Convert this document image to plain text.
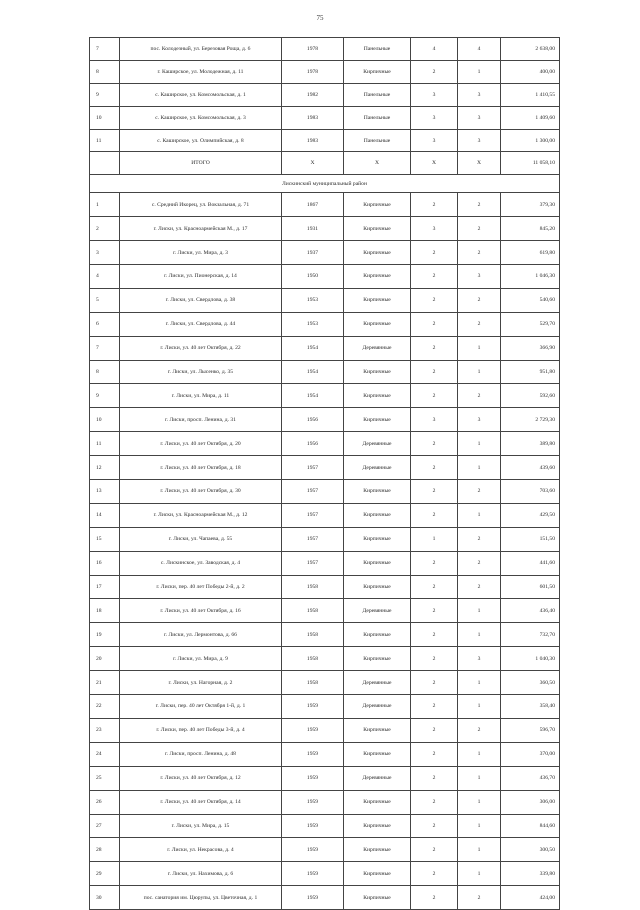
75
7	пос. Колодезный, ул. Березовая Роща, д. 6	1978	Панельные	4	4	2 638,00
8	г. Каширское, ул. Молодежная, д. 11	1978	Кирпичные	2	1	400,00
9	с. Каширское, ул. Комсомольская, д. 1	1982	Панельные	3	3	1 410,55
10	с. Каширское, ул. Комсомольская, д. 3	1983	Панельные	3	3	1 409,60
11	с. Каширское, ул. Олимпийская, д. 8	1983	Панельные	3	3	1 300,00
	ИТОГО	X	X	X	X	11 058,10
Лискинский муниципальный район						
1	с. Средний Икорец, ул. Вокзальная, д. 71	1867	Кирпичные	2	2	379,30
2	г. Лиски, ул. Красноармейская М., д. 17	1931	Кирпичные	3	2	845,20
3	г. Лиски, ул. Мира, д. 3	1937	Кирпичные	2	2	619,80
4	г. Лиски, ул. Пионерская, д. 14	1950	Кирпичные	2	3	1 046,30
5	г. Лиски, ул. Свердлова, д. 38	1953	Кирпичные	2	2	540,60
6	г. Лиски, ул. Свердлова, д. 44	1953	Кирпичные	2	2	529,70
7	г. Лиски, ул. 40 лет Октября, д. 22	1954	Деревянные	2	1	366,90
8	г. Лиски, ул. Лысенко, д. 35	1954	Кирпичные	2	1	951,80
9	г. Лиски, ул. Мира, д. 11	1954	Кирпичные	2	2	592,60
10	г. Лиски, просп. Ленина, д. 31	1956	Кирпичные	3	3	2 729,30
11	г. Лиски, ул. 40 лет Октября, д. 20	1956	Деревянные	2	1	389,80
12	г. Лиски, ул. 40 лет Октября, д. 18	1957	Деревянные	2	1	439,60
13	г. Лиски, ул. 40 лет Октября, д. 30	1957	Кирпичные	2	2	703,60
14	г. Лиски, ул. Красноармейская М., д. 12	1957	Кирпичные	2	1	429,50
15	г. Лиски, ул. Чапаева, д. 55	1957	Кирпичные	1	2	151,50
16	с. Лискинское, ул. Заводская, д. 4	1957	Кирпичные	2	2	441,60
17	г. Лиски, пер. 40 лет Победы 2-й, д. 2	1958	Кирпичные	2	2	601,50
18	г. Лиски, ул. 40 лет Октября, д. 16	1958	Деревянные	2	1	436,40
19	г. Лиски, ул. Лермонтова, д. 66	1958	Кирпичные	2	1	732,70
20	г. Лиски, ул. Мира, д. 9	1958	Кирпичные	2	3	1 040,30
21	г. Лиски, ул. Нагорная, д. 2	1958	Деревянные	2	1	360,50
22	г. Лиски, пер. 40 лет Октября 1-й, д. 1	1959	Деревянные	2	1	358,40
23	г. Лиски, пер. 40 лет Победы 3-й, д. 4	1959	Кирпичные	2	2	596,70
24	г. Лиски, просп. Ленина, д. 48	1959	Кирпичные	2	1	370,00
25	г. Лиски, ул. 40 лет Октября, д. 12	1959	Деревянные	2	1	436,70
26	г. Лиски, ул. 40 лет Октября, д. 14	1959	Кирпичные	2	1	306,00
27	г. Лиски, ул. Мира, д. 15	1959	Кирпичные	2	1	844,60
28	г. Лиски, ул. Некрасова, д. 4	1959	Кирпичные	2	1	300,50
29	г. Лиски, ул. Нахимова, д. 6	1959	Кирпичные	2	1	339,80
30	пос. санатория им. Цюрупы, ул. Цветочная, д. 1	1959	Кирпичные	2	2	424,00
